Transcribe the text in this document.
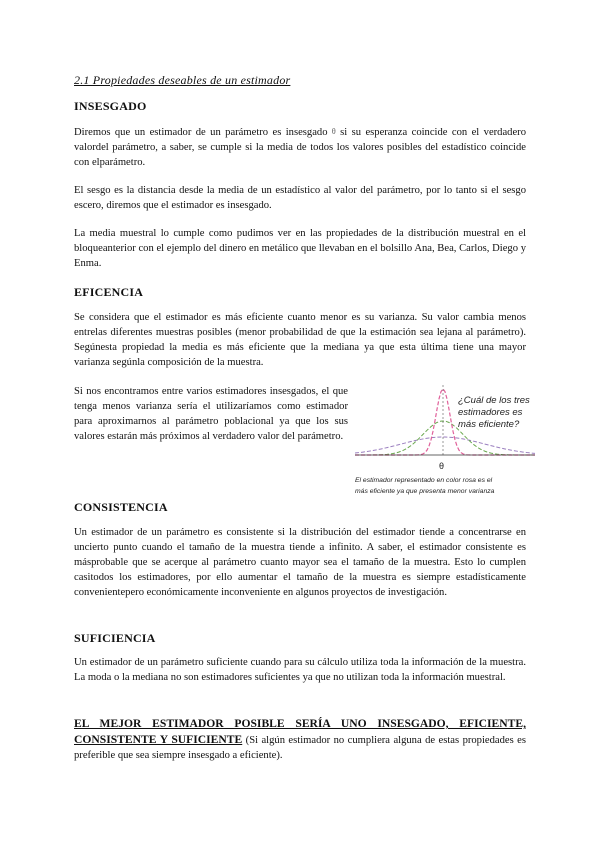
2.1 Propiedades deseables de un estimador
INSESGADO

Diremos que un estimador de un parámetro es insesgado θ si su esperanza coincide con el verdadero valordel parámetro, a saber, se cumple si la media de todos los valores posibles del estadístico coincide con elparámetro.

El sesgo es la distancia desde la media de un estadístico al valor del parámetro, por lo tanto si el sesgo escero, diremos que el estimador es insesgado.

La media muestral lo cumple como pudimos ver en las propiedades de la distribución muestral en el bloqueanterior con el ejemplo del dinero en metálico que llevaban en el bolsillo Ana, Bea, Carlos, Diego y Enma.

EFICENCIA

Se considera que el estimador es más eficiente cuanto menor es su varianza. Su valor cambia menos entrelas diferentes muestras posibles (menor probabilidad de que la estimación sea lejana al parámetro). Segúnesta propiedad la media es más eficiente que la mediana ya que esta última tiene una mayor varianza segúnla composición de la muestra.

Si nos encontramos entre varios estimadores insesgados, el que tenga menos varianza sería el utilizaríamos como estimador para aproximarnos al parámetro poblacional ya que los sus valores estarán más próximos al verdadero valor del parámetro.

¿Cuál de los tres
estimadores es
más eficiente?
θ
El estimador representado en color rosa es el
más eficiente ya que presenta menor varianza
CONSISTENCIA

Un estimador de un parámetro es consistente si la distribución del estimador tiende a concentrarse en uncierto punto cuando el tamaño de la muestra tiende a infinito. A saber, el estimador consistente es másprobable que se acerque al parámetro cuanto mayor sea el tamaño de la muestra. Esto lo cumplen casitodos los estimadores, por ello aumentar el tamaño de la muestra es siempre estadísticamente convenientepero económicamente inconveniente en algunos proyectos de investigación.

SUFICIENCIA

Un estimador de un parámetro suficiente cuando para su cálculo utiliza toda la información de la muestra. La moda o la mediana no son estimadores suficientes ya que no utilizan toda la información muestral.

EL MEJOR ESTIMADOR POSIBLE SERÍA UNO INSESGADO, EFICIENTE, CONSISTENTE Y SUFICIENTE (Si algún estimador no cumpliera alguna de estas propiedades es preferible que sea siempre insesgado a eficiente).
